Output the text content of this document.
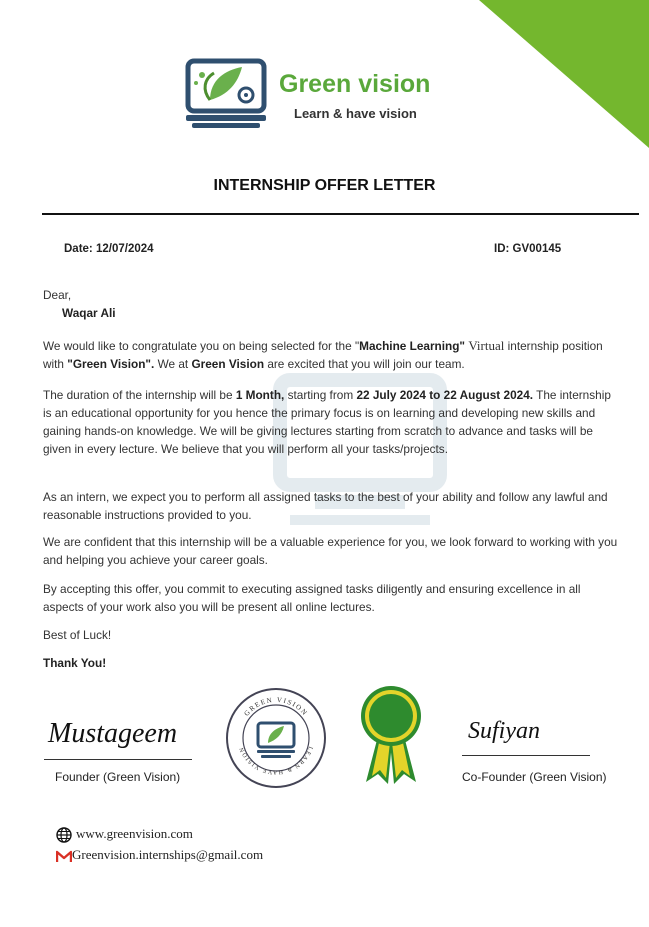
Green vision
Learn & have vision
INTERNSHIP OFFER LETTER
Date: 12/07/2024	ID: GV00145
Dear,
Waqar Ali
We would like to congratulate you on being selected for the "Machine Learning" Virtual internship position with "Green Vision". We at Green Vision are excited that you will join our team.
The duration of the internship will be 1 Month, starting from 22 July 2024 to 22 August 2024. The internship is an educational opportunity for you hence the primary focus is on learning and developing new skills and gaining hands-on knowledge. We will be giving lectures starting from scratch to advance and tasks will be given in every lecture. We believe that you will perform all your tasks/projects.
As an intern, we expect you to perform all assigned tasks to the best of your ability and follow any lawful and reasonable instructions provided to you.
We are confident that this internship will be a valuable experience for you, we look forward to working with you and helping you achieve your career goals.
By accepting this offer, you commit to executing assigned tasks diligently and ensuring excellence in all aspects of your work also you will be present all online lectures.
Best of Luck!
Thank You!
Mustageem
Founder (Green Vision)
Sufiyan
Co-Founder (Green Vision)
GREEN VISION
LEARN & HAVE VISION
www.greenvision.com
Greenvision.internships@gmail.com
